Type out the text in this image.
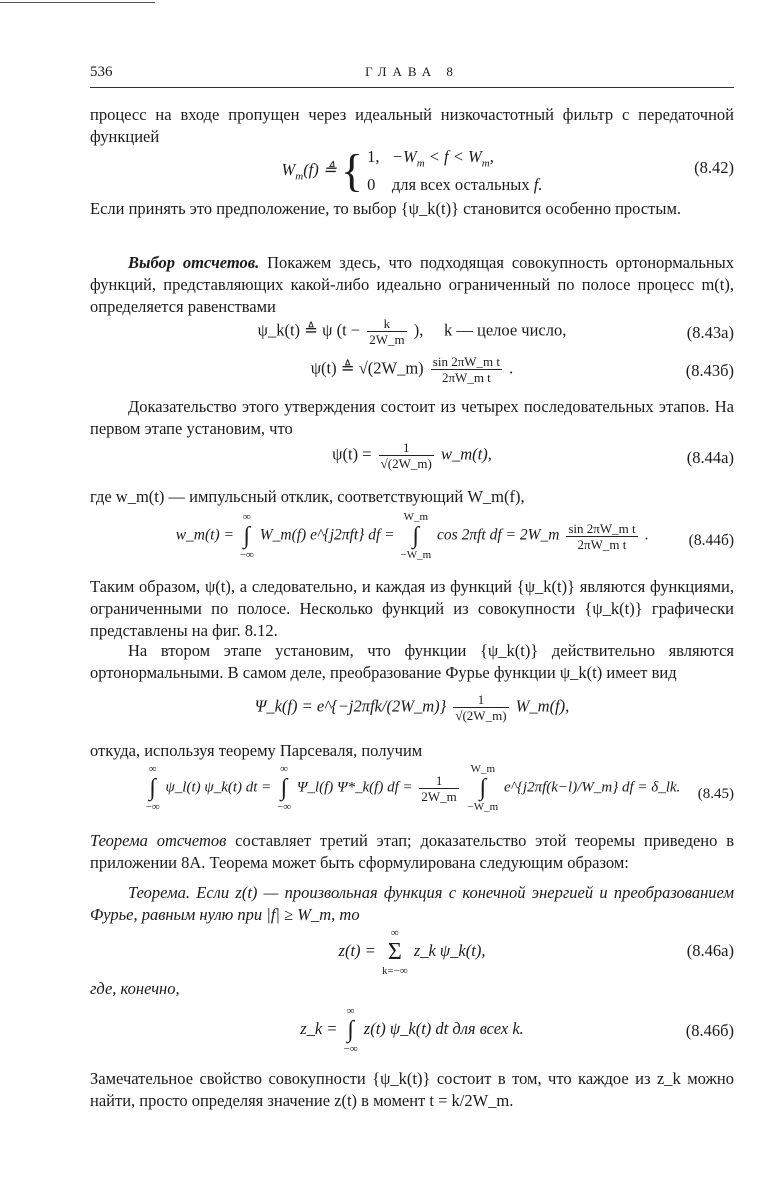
536	ГЛАВА 8
процесс на входе пропущен через идеальный низкочастотный фильтр с передаточной функцией
$W_m(f)$ ≜ { 1, $-W_m < f < W_m$,
0 для всех остальных f.
(8.42)
Если принять это предположение, то выбор {ψ_k(t)} становится особенно простым.
Выбор отсчетов. Покажем здесь, что подходящая совокупность ортонормальных функций, представляющих какой-либо идеально ограниченный по полосе процесс m(t), определяется равенствами
ψ_k(t) ≜ ψ ($t - \frac{k}{2W\_m}$ ), k — целое число,	(8.43а)
ψ(t) ≜ √(2W_m) $\frac{\text{sin 2πW\_m t}}{\text{2πW\_m t}}$ .	(8.43б)
Доказательство этого утверждения состоит из четырех последовательных этапов. На первом этапе установим, что
$\psi(t) = \frac{1}{√(2W\_m)}$ w_m(t),	(8.44а)
где w_m(t) — импульсный отклик, соответствующий W_m(f),
w_m(t) =
∞
∫
−∞
W_m(f) e^{j2πft} df =
W_m
∫
−W_m
cos 2πft df = 2W_m $\frac{\text{sin 2πW\_m t}}{\text{2πW\_m t}}$ .	(8.44б)
Таким образом, ψ(t), а следовательно, и каждая из функций {ψ_k(t)} являются функциями, ограниченными по полосе. Несколько функций из совокупности {ψ_k(t)} графически представлены на фиг. 8.12.
На втором этапе установим, что функции {ψ_k(t)} действительно являются ортонормальными. В самом деле, преобразование Фурье функции ψ_k(t) имеет вид
Ψ_k(f) = e^{−j2πfk/(2W_m)} $\frac{1}{√(2W\_m)}$ W_m(f),
откуда, используя теорему Парсеваля, получим
∞
∫
−∞
ψ_l(t) ψ_k(t) dt =
∞
∫
−∞
Ψ_l(f) Ψ*_k(f) df = $\frac{1}{2W\_m}$

W_m
∫
−W_m
e^{j2πf(k−l)/W_m} df = δ_lk. (8.45)
Теорема отсчетов составляет третий этап; доказательство этой теоремы приведено в приложении 8А. Теорема может быть сформулирована следующим образом:
Теорема. Если z(t) — произвольная функция с конечной энергией и преобразованием Фурье, равным нулю при |f| ≥ W_m, то
z(t) =
∞
Σ
k=−∞
z_k ψ_k(t),	(8.46а)
где, конечно,
z_k =
∞
∫
−∞
z(t) ψ_k(t) dt для всех k.	(8.46б)
Замечательное свойство совокупности {ψ_k(t)} состоит в том, что каждое из z_k можно найти, просто определяя значение z(t) в момент t = k/2W_m.
